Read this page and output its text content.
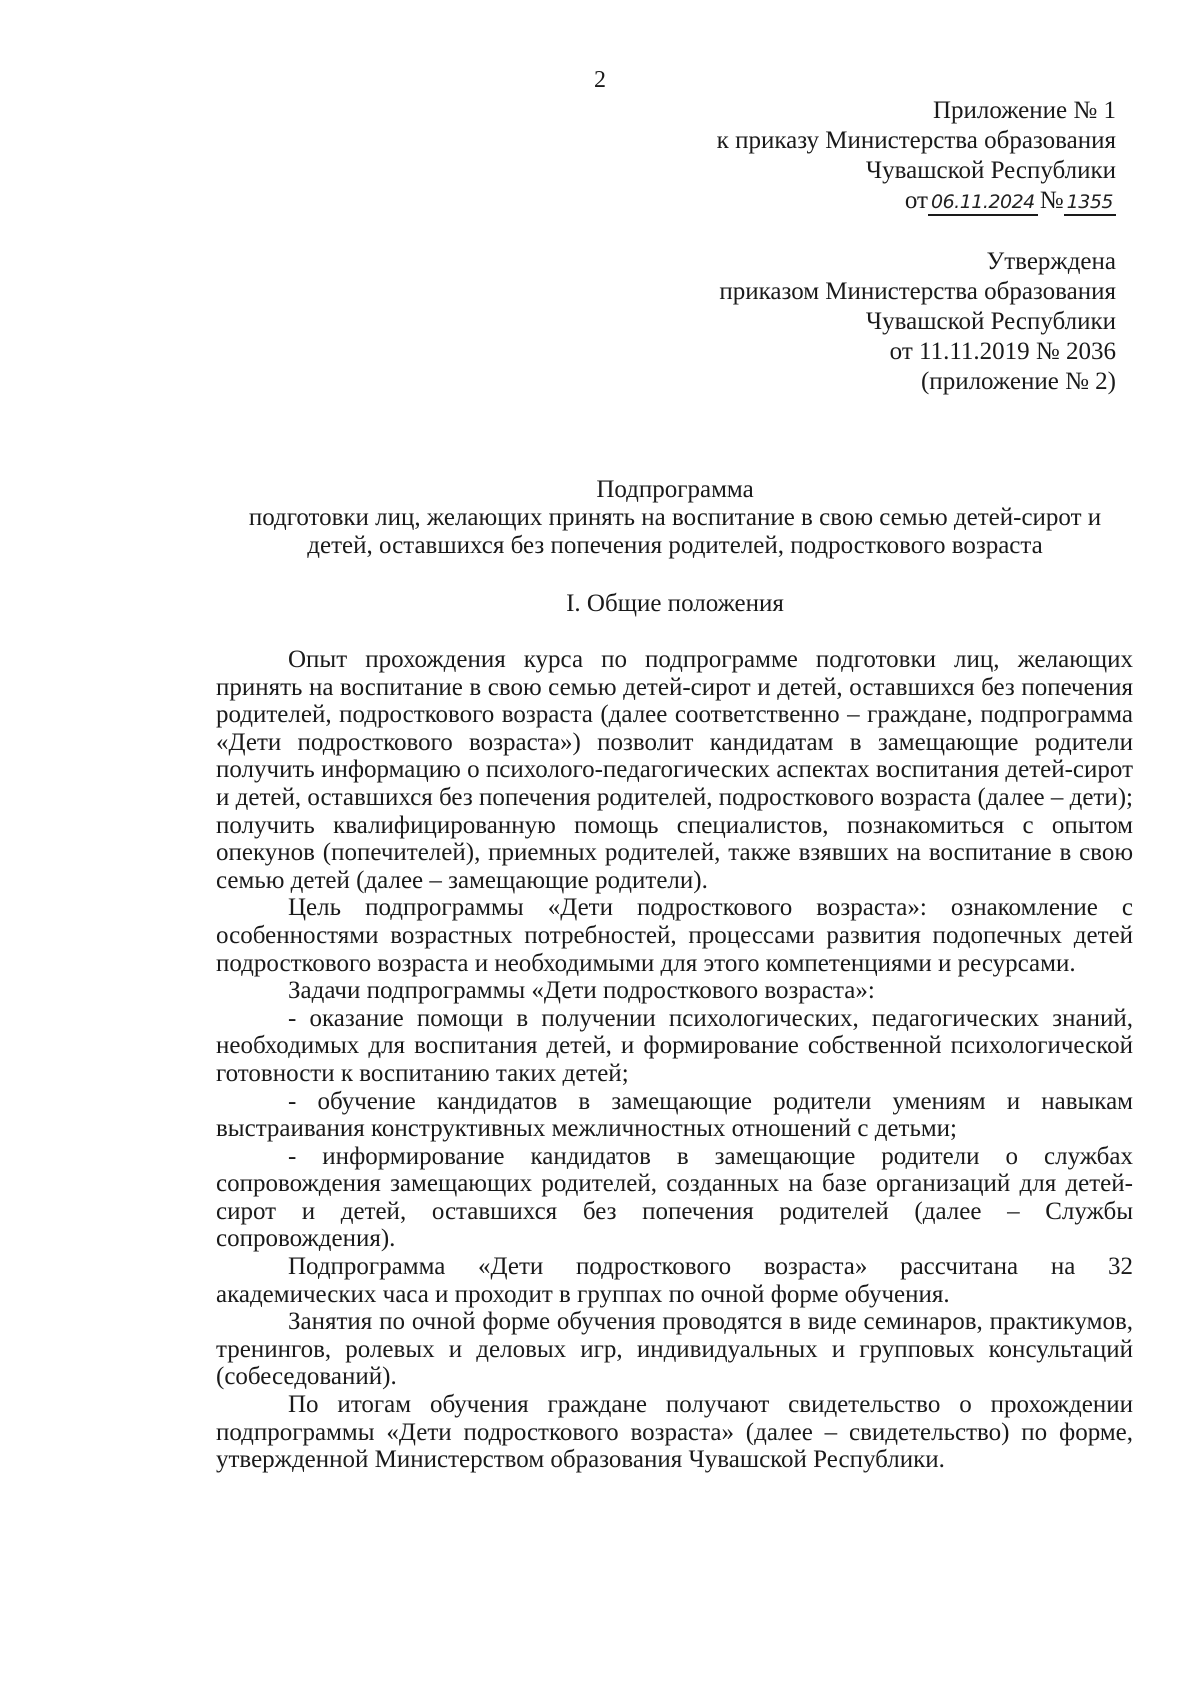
2
Приложение № 1
к приказу Министерства образования
Чувашской Республики
от 06.11.2024 № 1355
Утверждена
приказом Министерства образования
Чувашской Республики
от 11.11.2019 № 2036
(приложение № 2)
Подпрограмма
подготовки лиц, желающих принять на воспитание в свою семью детей-сирот и
детей, оставшихся без попечения родителей, подросткового возраста
I. Общие положения

Опыт прохождения курса по подпрограмме подготовки лиц, желающих принять на воспитание в свою семью детей-сирот и детей, оставшихся без попечения родителей, подросткового возраста (далее соответственно – граждане, подпрограмма «Дети подросткового возраста») позволит кандидатам в замещающие родители получить информацию о психолого-педагогических аспектах воспитания детей-сирот и детей, оставшихся без попечения родителей, подросткового возраста (далее – дети); получить квалифицированную помощь специалистов, познакомиться с опытом опекунов (попечителей), приемных родителей, также взявших на воспитание в свою семью детей (далее – замещающие родители).

Цель подпрограммы «Дети подросткового возраста»: ознакомление с особенностями возрастных потребностей, процессами развития подопечных детей подросткового возраста и необходимыми для этого компетенциями и ресурсами.

Задачи подпрограммы «Дети подросткового возраста»:

- оказание помощи в получении психологических, педагогических знаний, необходимых для воспитания детей, и формирование собственной психологической готовности к воспитанию таких детей;

- обучение кандидатов в замещающие родители умениям и навыкам выстраивания конструктивных межличностных отношений с детьми;

- информирование кандидатов в замещающие родители о службах сопровождения замещающих родителей, созданных на базе организаций для детей-сирот и детей, оставшихся без попечения родителей (далее – Службы сопровождения).

Подпрограмма «Дети подросткового возраста» рассчитана на 32 академических часа и проходит в группах по очной форме обучения.

Занятия по очной форме обучения проводятся в виде семинаров, практикумов, тренингов, ролевых и деловых игр, индивидуальных и групповых консультаций (собеседований).

По итогам обучения граждане получают свидетельство о прохождении подпрограммы «Дети подросткового возраста» (далее – свидетельство) по форме, утвержденной Министерством образования Чувашской Республики.
